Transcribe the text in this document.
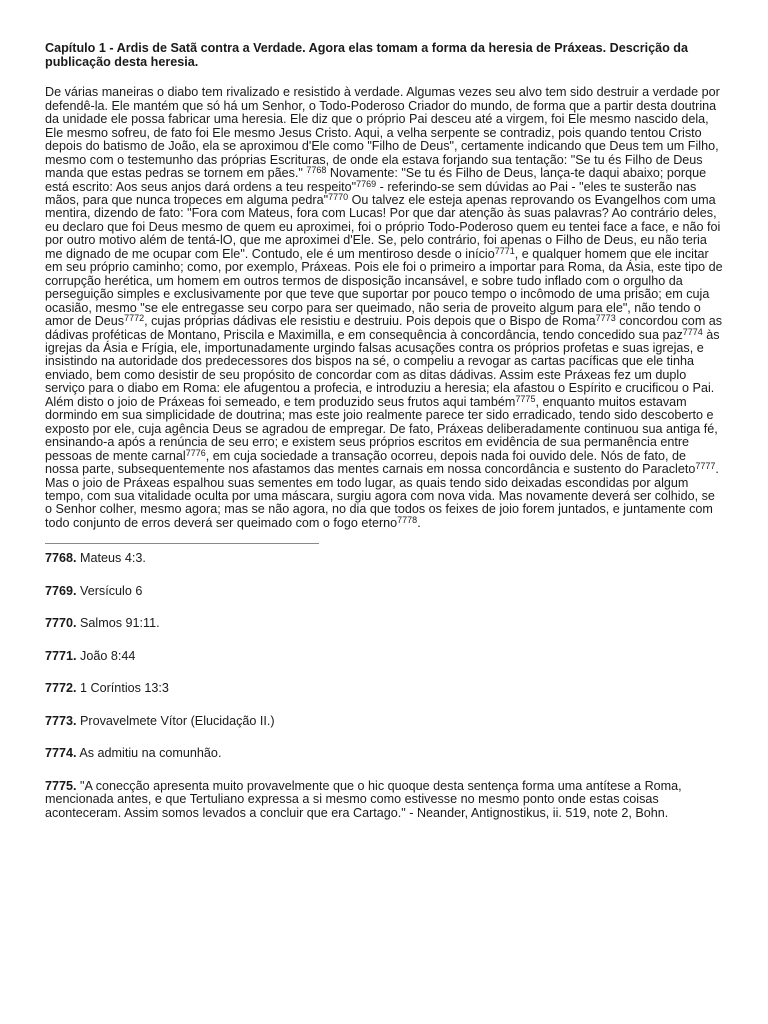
Capítulo 1 - Ardis de Satã contra a Verdade. Agora elas tomam a forma da heresia de Práxeas. Descrição da publicação desta heresia.

De várias maneiras o diabo tem rivalizado e resistido à verdade. Algumas vezes seu alvo tem sido destruir a verdade por defendê-la. Ele mantém que só há um Senhor, o Todo-Poderoso Criador do mundo, de forma que a partir desta doutrina da unidade ele possa fabricar uma heresia. Ele diz que o próprio Pai desceu até a virgem, foi Ele mesmo nascido dela, Ele mesmo sofreu, de fato foi Ele mesmo Jesus Cristo. Aqui, a velha serpente se contradiz, pois quando tentou Cristo depois do batismo de João, ela se aproximou d'Ele como "Filho de Deus", certamente indicando que Deus tem um Filho, mesmo com o testemunho das próprias Escrituras, de onde ela estava forjando sua tentação: "Se tu és Filho de Deus manda que estas pedras se tornem em pães." $^{7768}$ Novamente: "Se tu és Filho de Deus, lança-te daqui abaixo; porque está escrito: Aos seus anjos dará ordens a teu respeito"$^{7769}$ - referindo-se sem dúvidas ao Pai - "eles te susterão nas mãos, para que nunca tropeces em alguma pedra"$^{7770}$ Ou talvez ele esteja apenas reprovando os Evangelhos com uma mentira, dizendo de fato: "Fora com Mateus, fora com Lucas! Por que dar atenção às suas palavras? Ao contrário deles, eu declaro que foi Deus mesmo de quem eu aproximei, foi o próprio Todo-Poderoso quem eu tentei face a face, e não foi por outro motivo além de tentá-lO, que me aproximei d'Ele. Se, pelo contrário, foi apenas o Filho de Deus, eu não teria me dignado de me ocupar com Ele". Contudo, ele é um mentiroso desde o início$^{7771}$, e qualquer homem que ele incitar em seu próprio caminho; como, por exemplo, Práxeas. Pois ele foi o primeiro a importar para Roma, da Ásia, este tipo de corrupção herética, um homem em outros termos de disposição incansável, e sobre tudo inflado com o orgulho da perseguição simples e exclusivamente por que teve que suportar por pouco tempo o incômodo de uma prisão; em cuja ocasião, mesmo "se ele entregasse seu corpo para ser queimado, não seria de proveito algum para ele", não tendo o amor de Deus$^{7772}$, cujas próprias dádivas ele resistiu e destruiu. Pois depois que o Bispo de Roma$^{7773}$ concordou com as dádivas proféticas de Montano, Priscila e Maximilla, e em consequência à concordância, tendo concedido sua paz$^{7774}$ às igrejas da Ásia e Frígia, ele, importunadamente urgindo falsas acusações contra os próprios profetas e suas igrejas, e insistindo na autoridade dos predecessores dos bispos na sé, o compeliu a revogar as cartas pacíficas que ele tinha enviado, bem como desistir de seu propósito de concordar com as ditas dádivas. Assim este Práxeas fez um duplo serviço para o diabo em Roma: ele afugentou a profecia, e introduziu a heresia; ela afastou o Espírito e crucificou o Pai. Além disto o joio de Práxeas foi semeado, e tem produzido seus frutos aqui também$^{7775}$, enquanto muitos estavam dormindo em sua simplicidade de doutrina; mas este joio realmente parece ter sido erradicado, tendo sido descoberto e exposto por ele, cuja agência Deus se agradou de empregar. De fato, Práxeas deliberadamente continuou sua antiga fé, ensinando-a após a renúncia de seu erro; e existem seus próprios escritos em evidência de sua permanência entre pessoas de mente carnal$^{7776}$, em cuja sociedade a transação ocorreu, depois nada foi ouvido dele. Nós de fato, de nossa parte, subsequentemente nos afastamos das mentes carnais em nossa concordância e sustento do Paracleto$^{7777}$. Mas o joio de Práxeas espalhou suas sementes em todo lugar, as quais tendo sido deixadas escondidas por algum tempo, com sua vitalidade oculta por uma máscara, surgiu agora com nova vida. Mas novamente deverá ser colhido, se o Senhor colher, mesmo agora; mas se não agora, no dia que todos os feixes de joio forem juntados, e juntamente com todo conjunto de erros deverá ser queimado com o fogo eterno$^{7778}$.

7768. Mateus 4:3.

7769. Versículo 6

7770. Salmos 91:11.

7771. João 8:44

7772. 1 Coríntios 13:3

7773. Provavelmete Vítor (Elucidação II.)

7774. As admitiu na comunhão.

7775. "A conecção apresenta muito provavelmente que o hic quoque desta sentença forma uma antítese a Roma, mencionada antes, e que Tertuliano expressa a si mesmo como estivesse no mesmo ponto onde estas coisas aconteceram. Assim somos levados a concluir que era Cartago." - Neander, Antignostikus, ii. 519, note 2, Bohn.
